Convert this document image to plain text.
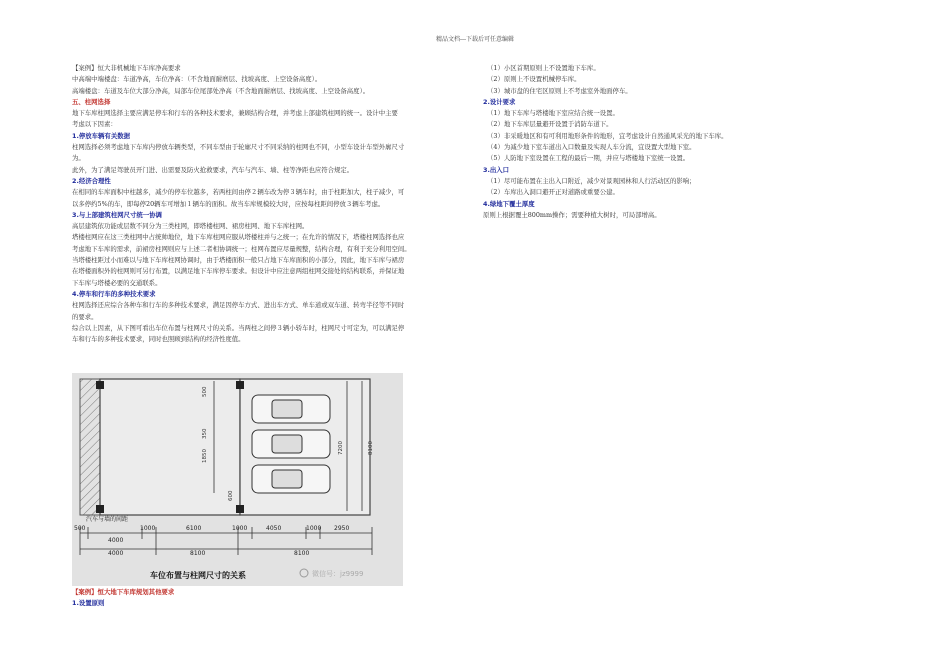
精品文档---下载后可任意编辑

【案例】恒大非机械地下车库净高要求

中高端中端楼盘：车道净高，车位净高：（不含地面耐磨层、找坡高度、上空设备高度）。

高端楼盘：车道及车位大部分净高，局部车位尾部处净高（不含地面耐磨层、找坡高度、上空设备高度）。

五、柱网选择

地下车库柱网选择主要应满足停车和行车的各种技术要求，兼顾结构合理，并考虑上部建筑柱网的统一。设计中主要

考虑以下因素：

1.停放车辆有关数据

柱网选择必须考虑地下车库内停放车辆类型，不同车型由于轮廓尺寸不同采纳的柱网也不同，小型车设计车型外廓尺寸

为。

此外，为了满足驾驶员开门进、出需要及防火抢救要求，汽车与汽车、墙、柱等净距也应符合规定。

2.经济合理性

在相同的车库面积中柱越多，减少的停车位越多，若两柱间由停２辆车改为停３辆车时，由于柱距加大，柱子减少，可

以多停约5%的车，即每停20辆车可增加１辆车的面积。故当车库规模较大时，应按每柱距间停放３辆车考虑。

3.与上部建筑柱网尺寸统一协调

高层建筑依功能或层数不同分为三类柱网，即塔楼柱网、裙房柱网、地下车库柱网。

塔楼柱网应在这三类柱网中占统帅地位，地下车库柱网应服从塔楼柱并与之统一；在允许的情况下，塔楼柱网选择也应

考虑地下车库的需求，前裙房柱网则应与上述二者相协调统一；柱网布置应尽量规整，结构合理，有利于充分利用空间。

当塔楼柱距过小而难以与地下车库柱网协调时，由于塔楼面积一般只占地下车库面积的小部分，因此，地下车库与裙房

在塔楼面积外的柱网则可另行布置，以满足地下车库停车要求。但设计中应注意两组柱网交接处的结构联系，并保证地

下车库与塔楼必要的交通联系。

4.停车和行车的多种技术要求

柱网选择还应综合各种车和行车的多种技术要求，满足因停车方式、进出车方式、单车道或双车道、转弯半径等不同时

的要求。

综合以上因素，从下图可看出车位布置与柱网尺寸的关系。当两柱之间停３辆小轿车时，柱网尺寸可定为，可以满足停

车和行车的多种技术要求，同时也照顾到结构的经济性度值。

500
350
1850
7200	8100
600
汽车与墙的间距
500
4000
1000	6100	1000	4050	1000 2950
4000	8100	8100
车位布置与柱网尺寸的关系	微信号：jz9999

【案例】恒大地下车库规划其他要求

1.设置原则

（1）小区首期原则上不设置地下车库。

（2）原则上不设置机械停车库。

（3）城市盘的住宅区原则上不考虑室外地面停车。

2.设计要求

（1）地下车库与塔楼地下室应结合统一设置。

（2）地下车库层量避开设置于消防车道下。

（3）非采暖地区和有可利用地形条件的地形，宜考虑设计自然通风采光的地下车库。

（4）为减少地下室车道出入口数量及实现人车分流，宜设置大型地下室。

（5）人防地下室设置在工程的最后一期，并应与塔楼地下室统一设置。

3.出入口

（1）尽可能布置在主出入口附近，减少对景观园林和人行活动区的影响；

（2）车库出入洞口避开正对道路或重要公建。

4.绿地下覆土厚度

原则上根据覆土800mm操作；需要种植大树时，可局部增高。
